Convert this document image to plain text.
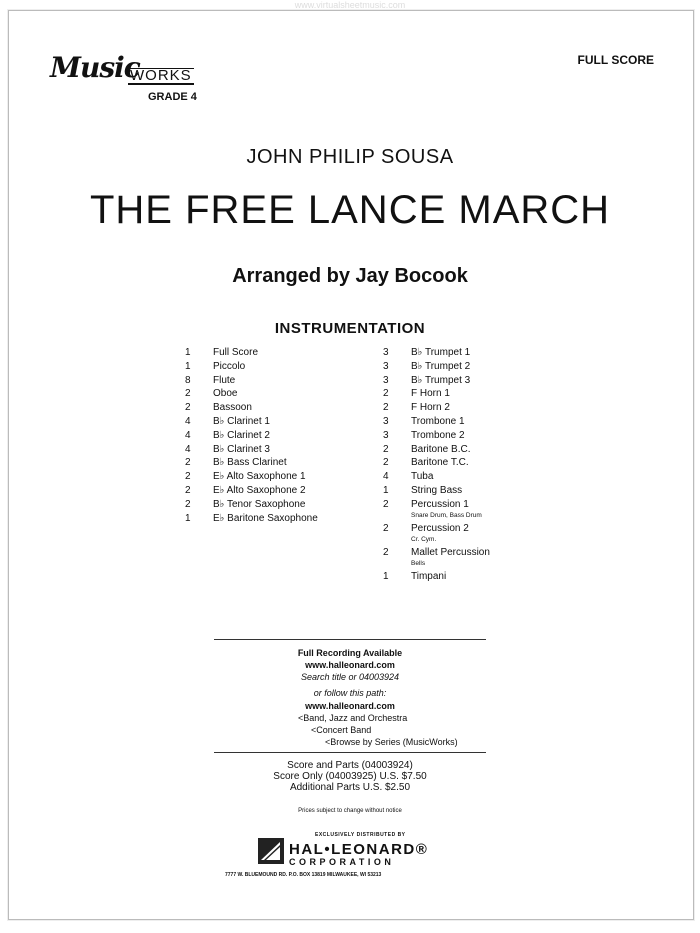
www.virtualsheetmusic.com
Music
WORKS
GRADE 4
FULL SCORE
JOHN PHILIP SOUSA
THE FREE LANCE MARCH
Arranged by Jay Bocook
INSTRUMENTATION
1	Full Score
1	Piccolo
8	Flute
2	Oboe
2	Bassoon
4	B♭ Clarinet 1
4	B♭ Clarinet 2
4	B♭ Clarinet 3
2	B♭ Bass Clarinet
2	E♭ Alto Saxophone 1
2	E♭ Alto Saxophone 2
2	B♭ Tenor Saxophone
1	E♭ Baritone Saxophone
3	B♭ Trumpet 1
3	B♭ Trumpet 2
3	B♭ Trumpet 3
2	F Horn 1
2	F Horn 2
3	Trombone 1
3	Trombone 2
2	Baritone B.C.
2	Baritone T.C.
4	Tuba
1	String Bass
2	Percussion 1
Snare Drum, Bass Drum
2	Percussion 2
Cr. Cym.
2	Mallet Percussion
Bells
1	Timpani
Full Recording Available
www.halleonard.com
Search title or 04003924
or follow this path:
www.halleonard.com
<Band, Jazz and Orchestra
<Concert Band
<Browse by Series (MusicWorks)
Score and Parts (04003924)
Score Only (04003925) U.S. $7.50
Additional Parts U.S. $2.50
Prices subject to change without notice
EXCLUSIVELY DISTRIBUTED BY
HAL•LEONARD®
CORPORATION
7777 W. BLUEMOUND RD. P.O. BOX 13819 MILWAUKEE, WI 53213
